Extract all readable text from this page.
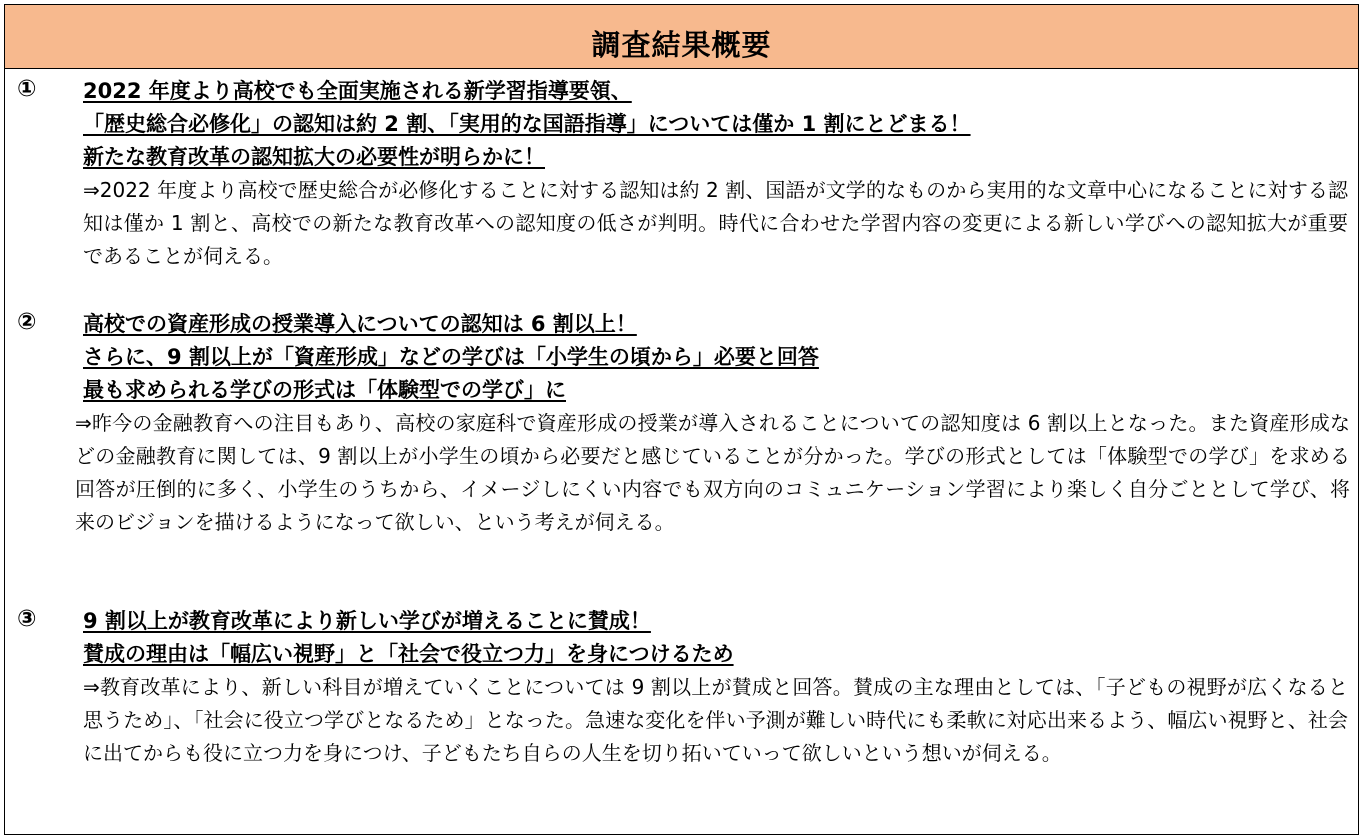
調査結果概要
① 2022 年度より高校でも全面実施される新学習指導要領、
「歴史総合必修化」の認知は約 2 割、「実用的な国語指導」については僅か 1 割にとどまる！
新たな教育改革の認知拡大の必要性が明らかに！
⇒2022 年度より高校で歴史総合が必修化することに対する認知は約 2 割、国語が文学的なものから実用的な文章中心になることに対する認知は僅か 1 割と、高校での新たな教育改革への認知度の低さが判明。時代に合わせた学習内容の変更による新しい学びへの認知拡大が重要であることが伺える。
② 高校での資産形成の授業導入についての認知は 6 割以上！
さらに、9 割以上が「資産形成」などの学びは「小学生の頃から」必要と回答
最も求められる学びの形式は「体験型での学び」に
⇒昨今の金融教育への注目もあり、高校の家庭科で資産形成の授業が導入されることについての認知度は 6 割以上となった。また資産形成などの金融教育に関しては、9 割以上が小学生の頃から必要だと感じていることが分かった。学びの形式としては「体験型での学び」を求める回答が圧倒的に多く、小学生のうちから、イメージしにくい内容でも双方向のコミュニケーション学習により楽しく自分ごととして学び、将来のビジョンを描けるようになって欲しい、という考えが伺える。
③ 9 割以上が教育改革により新しい学びが増えることに賛成！
賛成の理由は「幅広い視野」と「社会で役立つ力」を身につけるため
⇒教育改革により、新しい科目が増えていくことについては 9 割以上が賛成と回答。賛成の主な理由としては、「子どもの視野が広くなると思うため」、「社会に役立つ学びとなるため」となった。急速な変化を伴い予測が難しい時代にも柔軟に対応出来るよう、幅広い視野と、社会に出てからも役に立つ力を身につけ、子どもたち自らの人生を切り拓いていって欲しいという想いが伺える。
